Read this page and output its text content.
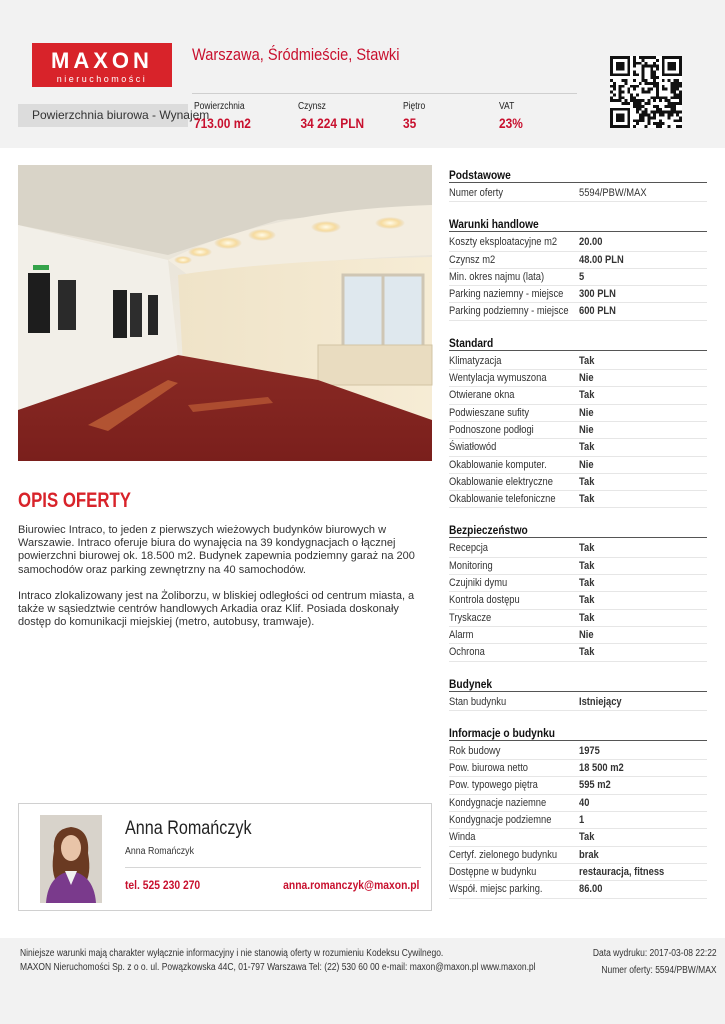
MAXON
nieruchomości
Warszawa, Śródmieście, Stawki
Powierzchnia biurowa - Wynajem
Powierzchnia
713.00 m2
Czynsz
34 224 PLN
Piętro
35
VAT
23%
OPIS OFERTY

Biurowiec Intraco, to jeden z pierwszych wieżowych budynków biurowych w Warszawie. Intraco oferuje biura do wynajęcia na 39 kondygnacjach o łącznej powierzchni biurowej ok. 18.500 m2. Budynek zapewnia podziemny garaż na 200 samochodów oraz parking zewnętrzny na 40 samochodów.

Intraco zlokalizowany jest na Żoliborzu, w bliskiej odległości od centrum miasta, a także w sąsiedztwie centrów handlowych Arkadia oraz Klif. Posiada doskonały dostęp do komunikacji miejskiej (metro, autobusy, tramwaje).

Anna Romańczyk
Anna Romańczyk
tel. 525 230 270	anna.romanczyk@maxon.pl
Podstawowe
Numer oferty	5594/PBW/MAX
Warunki handlowe
Koszty eksploatacyjne m2 20.00
Czynsz m2	48.00 PLN
Min. okres najmu (lata)	5
Parking naziemny - miejsce 300 PLN
Parking podziemny - miejsce 600 PLN
Standard
Klimatyzacja	Tak
Wentylacja wymuszona	Nie
Otwierane okna	Tak
Podwieszane sufity	Nie
Podnoszone podłogi	Nie
Światłowód	Tak
Okablowanie komputer.	Nie
Okablowanie elektryczne Tak
Okablowanie telefoniczne Tak
Bezpieczeństwo
Recepcja	Tak
Monitoring	Tak
Czujniki dymu	Tak
Kontrola dostępu	Tak
Tryskacze	Tak
Alarm	Nie
Ochrona	Tak
Budynek
Stan budynku	Istniejący
Informacje o budynku
Rok budowy	1975
Pow. biurowa netto	18 500 m2
Pow. typowego piętra	595 m2
Kondygnacje naziemne	40
Kondygnacje podziemne	1
Winda	Tak
Certyf. zielonego budynku brak
Dostępne w budynku	restauracja, fitness
Współ. miejsc parking.	86.00
Niniejsze warunki mają charakter wyłącznie informacyjny i nie stanowią oferty w rozumieniu Kodeksu Cywilnego.
MAXON Nieruchomości Sp. z o o. ul. Powązkowska 44C, 01-797 Warszawa Tel: (22) 530 60 00 e-mail: maxon@maxon.pl www.maxon.pl
Data wydruku: 2017-03-08 22:22
Numer oferty: 5594/PBW/MAX
